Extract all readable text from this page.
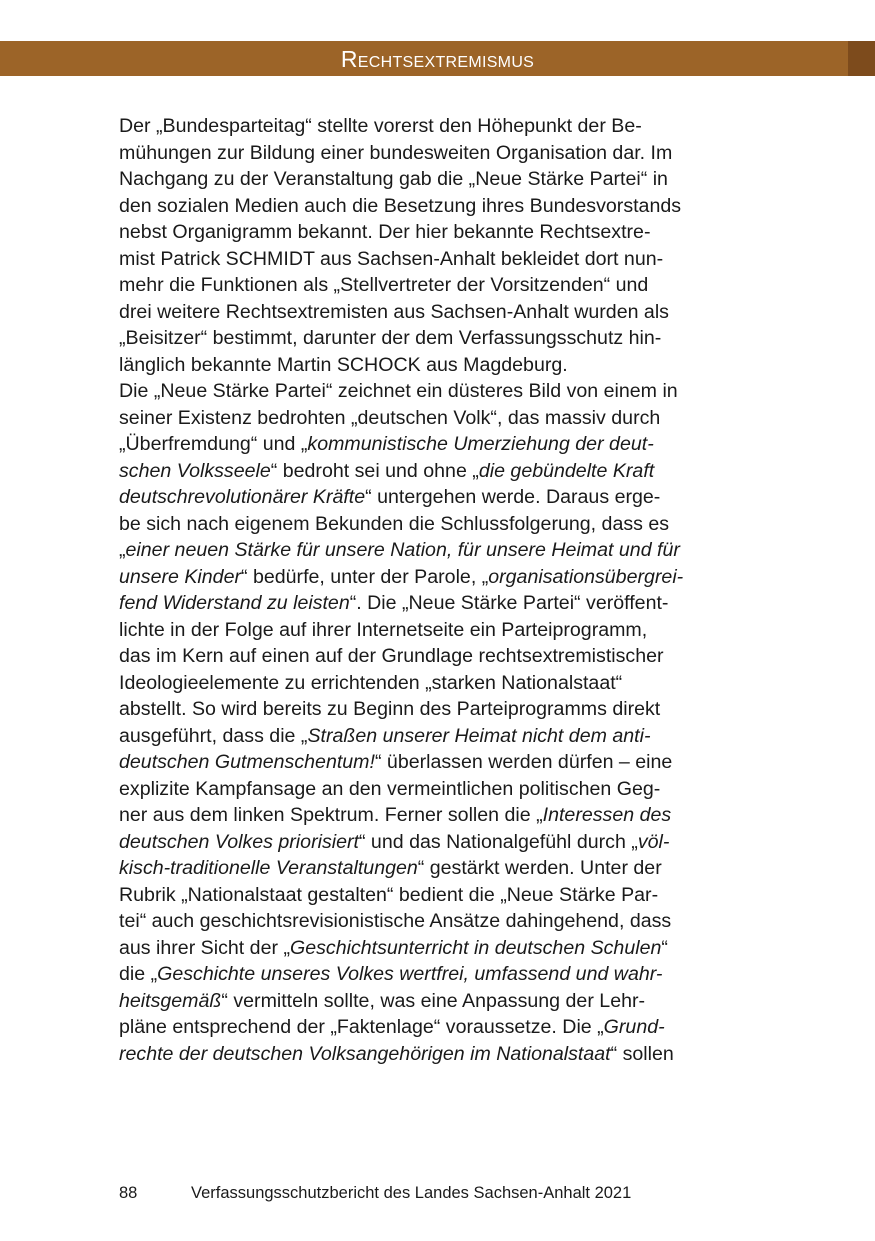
Rechtsextremismus
Der „Bundesparteitag“ stellte vorerst den Höhepunkt der Be-
mühungen zur Bildung einer bundesweiten Organisation dar. Im
Nachgang zu der Veranstaltung gab die „Neue Stärke Partei“ in
den sozialen Medien auch die Besetzung ihres Bundesvorstands
nebst Organigramm bekannt. Der hier bekannte Rechtsextre-
mist Patrick SCHMIDT aus Sachsen-Anhalt bekleidet dort nun-
mehr die Funktionen als „Stellvertreter der Vorsitzenden“ und
drei weitere Rechtsextremisten aus Sachsen-Anhalt wurden als
„Beisitzer“ bestimmt, darunter der dem Verfassungsschutz hin-
länglich bekannte Martin SCHOCK aus Magdeburg.
Die „Neue Stärke Partei“ zeichnet ein düsteres Bild von einem in
seiner Existenz bedrohten „deutschen Volk“, das massiv durch
„Überfremdung“ und „kommunistische Umerziehung der deut-
schen Volksseele“ bedroht sei und ohne „die gebündelte Kraft
deutschrevolutionärer Kräfte“ untergehen werde. Daraus erge-
be sich nach eigenem Bekunden die Schlussfolgerung, dass es
„einer neuen Stärke für unsere Nation, für unsere Heimat und für
unsere Kinder“ bedürfe, unter der Parole, „organisationsübergrei-
fend Widerstand zu leisten“. Die „Neue Stärke Partei“ veröffent-
lichte in der Folge auf ihrer Internetseite ein Parteiprogramm,
das im Kern auf einen auf der Grundlage rechtsextremistischer
Ideologieelemente zu errichtenden „starken Nationalstaat“
abstellt. So wird bereits zu Beginn des Parteiprogramms direkt
ausgeführt, dass die „Straßen unserer Heimat nicht dem anti-
deutschen Gutmenschentum!“ überlassen werden dürfen – eine
explizite Kampfansage an den vermeintlichen politischen Geg-
ner aus dem linken Spektrum. Ferner sollen die „Interessen des
deutschen Volkes priorisiert“ und das Nationalgefühl durch „völ-
kisch-traditionelle Veranstaltungen“ gestärkt werden. Unter der
Rubrik „Nationalstaat gestalten“ bedient die „Neue Stärke Par-
tei“ auch geschichtsrevisionistische Ansätze dahingehend, dass
aus ihrer Sicht der „Geschichtsunterricht in deutschen Schulen“
die „Geschichte unseres Volkes wertfrei, umfassend und wahr-
heitsgemäß“ vermitteln sollte, was eine Anpassung der Lehr-
pläne entsprechend der „Faktenlage“ voraussetze. Die „Grund-
rechte der deutschen Volksangehörigen im Nationalstaat“ sollen
88	Verfassungsschutzbericht des Landes Sachsen-Anhalt 2021
